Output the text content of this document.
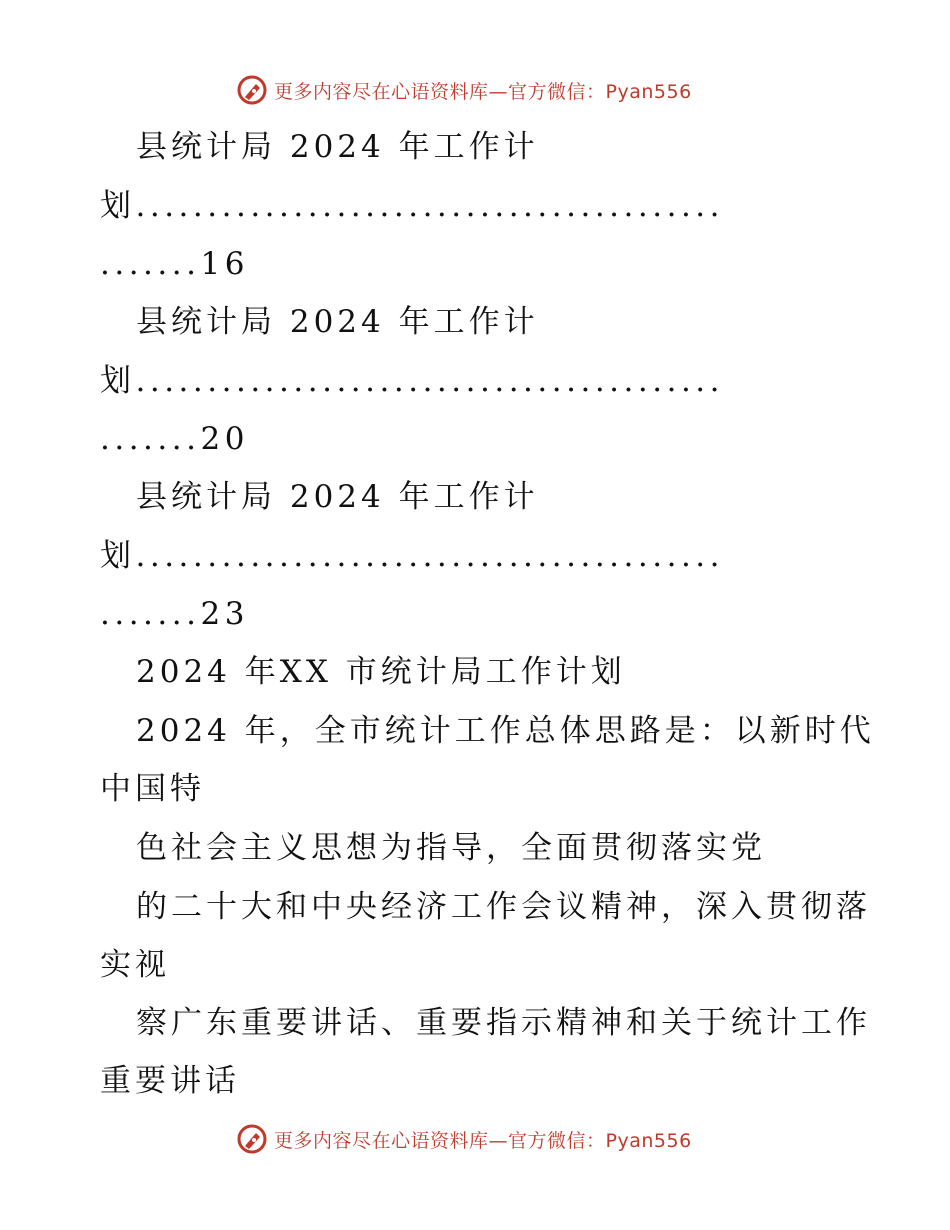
更多内容尽在心语资料库—官方微信：Pyan556
县统计局 2024 年工作计
划.........................................
.......16
县统计局 2024 年工作计
划.........................................
.......20
县统计局 2024 年工作计
划.........................................
.......23
2024 年XX 市统计局工作计划
2024 年，全市统计工作总体思路是：以新时代
中国特
色社会主义思想为指导，全面贯彻落实党
的二十大和中央经济工作会议精神，深入贯彻落
实视
察广东重要讲话、重要指示精神和关于统计工作
重要讲话
更多内容尽在心语资料库—官方微信：Pyan556
